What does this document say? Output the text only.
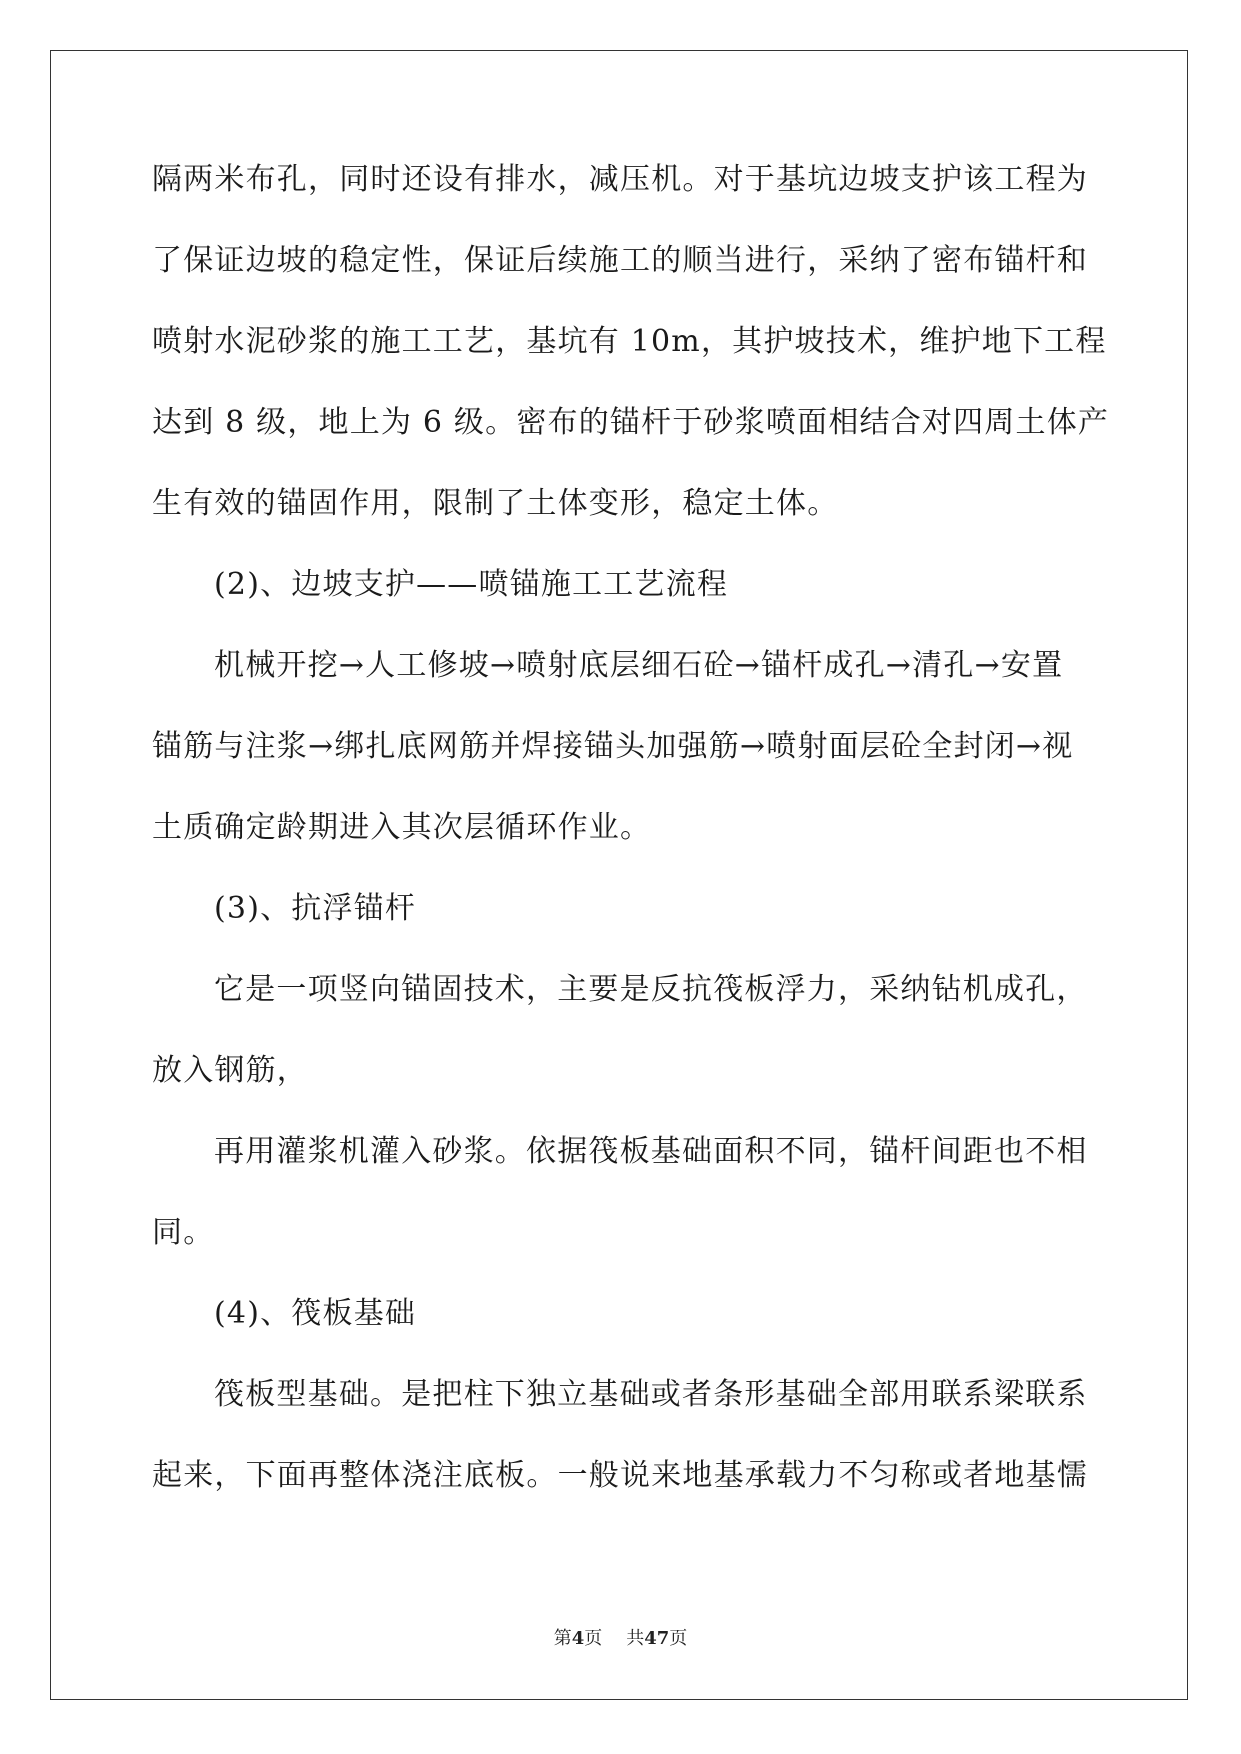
隔两米布孔，同时还设有排水，减压机。对于基坑边坡支护该工程为
了保证边坡的稳定性，保证后续施工的顺当进行，采纳了密布锚杆和
喷射水泥砂浆的施工工艺，基坑有 10m，其护坡技术，维护地下工程
达到 8 级，地上为 6 级。密布的锚杆于砂浆喷面相结合对四周土体产
生有效的锚固作用，限制了土体变形，稳定土体。
(2)、边坡支护——喷锚施工工艺流程
机械开挖→人工修坡→喷射底层细石砼→锚杆成孔→清孔→安置
锚筋与注浆→绑扎底网筋并焊接锚头加强筋→喷射面层砼全封闭→视
土质确定龄期进入其次层循环作业。
(3)、抗浮锚杆
它是一项竖向锚固技术，主要是反抗筏板浮力，采纳钻机成孔，
放入钢筋，
再用灌浆机灌入砂浆。依据筏板基础面积不同，锚杆间距也不相
同。
(4)、筏板基础
筏板型基础。是把柱下独立基础或者条形基础全部用联系梁联系
起来，下面再整体浇注底板。一般说来地基承载力不匀称或者地基懦
第4页 共47页
